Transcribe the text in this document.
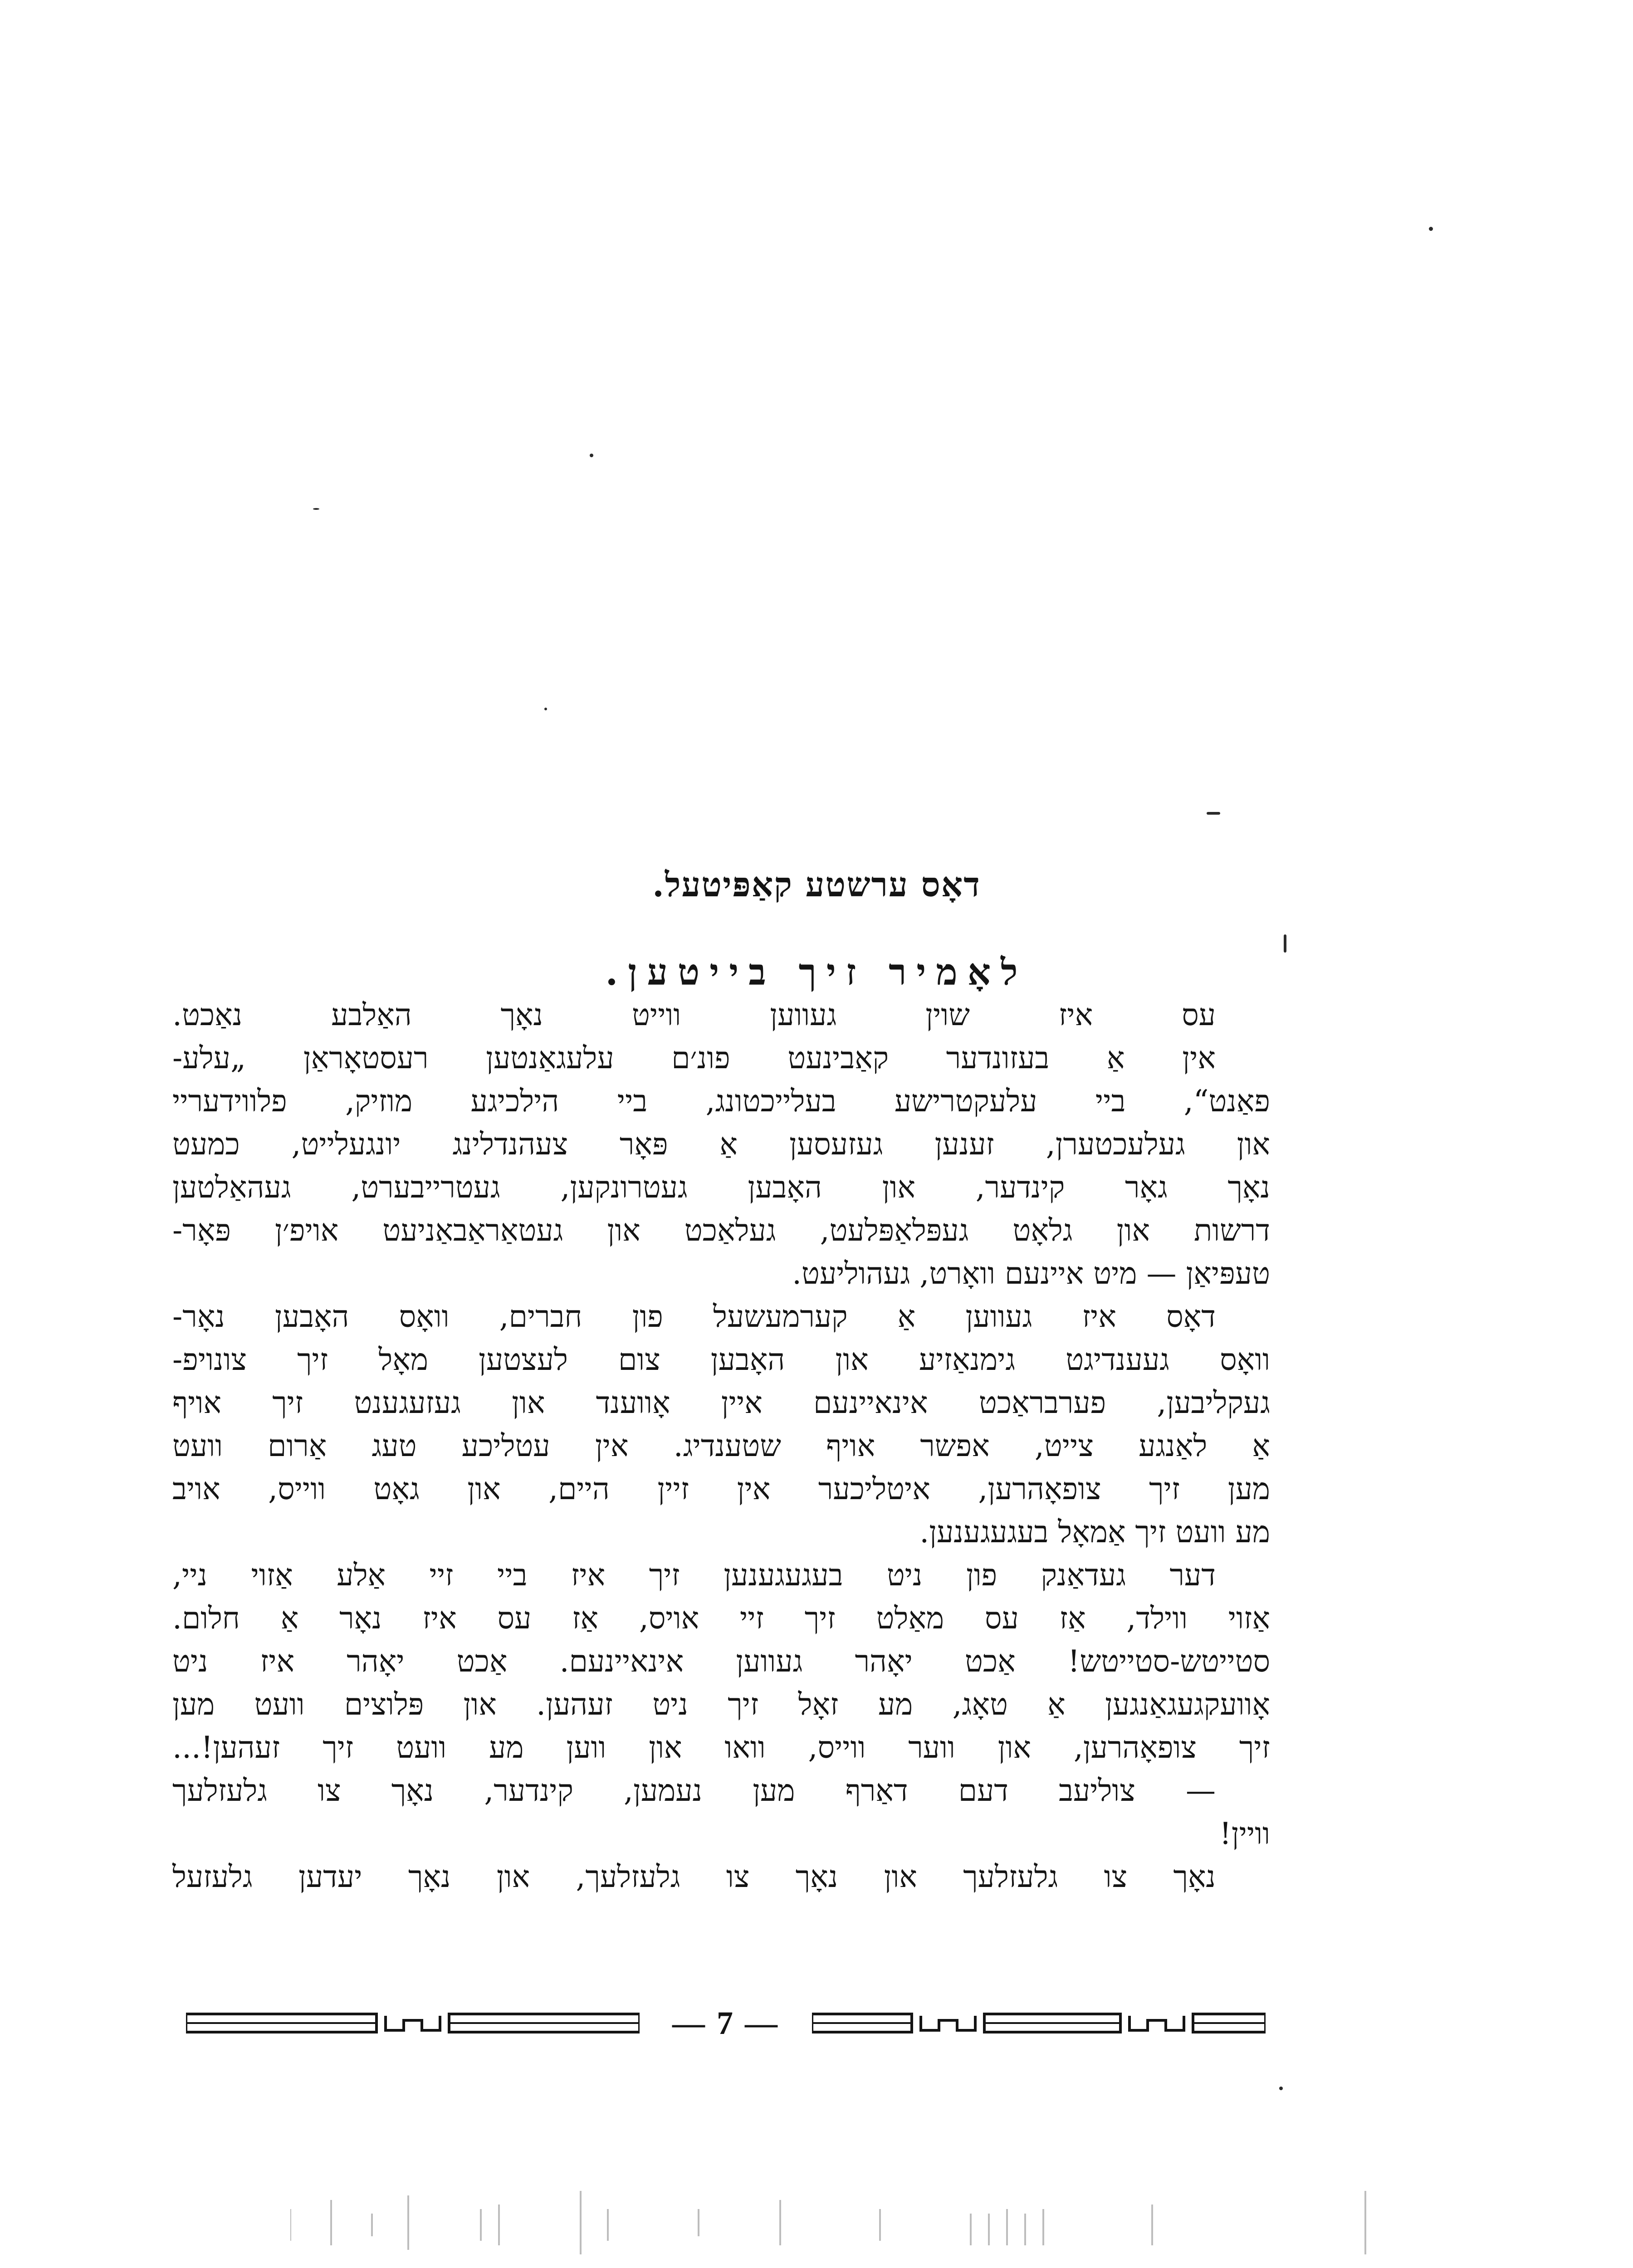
דאָס ערשטע קאַפּיטעל.
לאָמיר זיך בייטען.
עס איז שוין געווען ווייט נאָך האַלבע נאַכט.
אין אַ בעזונדער קאַבינעט פונ׳ם עלעגאַנטען רעסטאָראַן „עלע-
פאַנט“, ביי עלעקטרישע בעלייכטונג, ביי הילכיגע מוזיק, פלווידעריי
און געלעכטערן, זענען געזעסען אַ פּאָר צעהנדלינג יונגעלייט, כמעט
נאָך גאָר קינדער, און האָבען געטרונקען, געטרייבערט, געהאַלטען
דרשות און גלאָט געפּלאַפּלעט, געלאַכט און געטאַראַבאַניעט אויפ׳ן פּאָר-
טעפּיאַן — מיט איינעם וואָרט, געהוליעט.
דאָס איז געווען אַ קערמעשעל פון חברים, וואָס האָבען נאָר-
וואָס געענדיגט גימנאַזיע און האָבען צום לעצטען מאָל זיך צונויפ-
געקליבען, פערבראַכט אינאיינעם איין אָווענד און געזעגענט זיך אויף
אַ לאַנגע צייט, אפשר אויף שטענדיג. אין עטליכע טעג אַרום וועט
מען זיך צופאָהרען, איטליכער אין זיין היים, און גאָט ווייס, אויב
מע וועט זיך אַמאָל בעגעגענען.
דער געדאַנק פון ניט בעגעגענען זיך איז ביי זיי אַלע אַזוי ניי,
אַזוי ווילד, אַז עס מאַלט זיך זיי אויס, אַז עס איז נאָר אַ חלום.
סטייטש-סטייטש! אַכט יאָהר געווען אינאיינעם. אַכט יאָהר איז ניט
אָוועקגעגאַנגען אַ טאָג, מע זאָל זיך ניט זעהען. און פּלוצים וועט מען
זיך צופאָהרען, און ווער ווייס, וואו און ווען מע וועט זיך זעהען!...
— צוליעב דעם דאַרף מען נעמען, קינדער, נאָך צו גלעזלעך
וויין!
נאָך צו גלעזלעך און נאָך צו גלעזלעך, און נאָך יעדען גלעזעל
— 7 —
